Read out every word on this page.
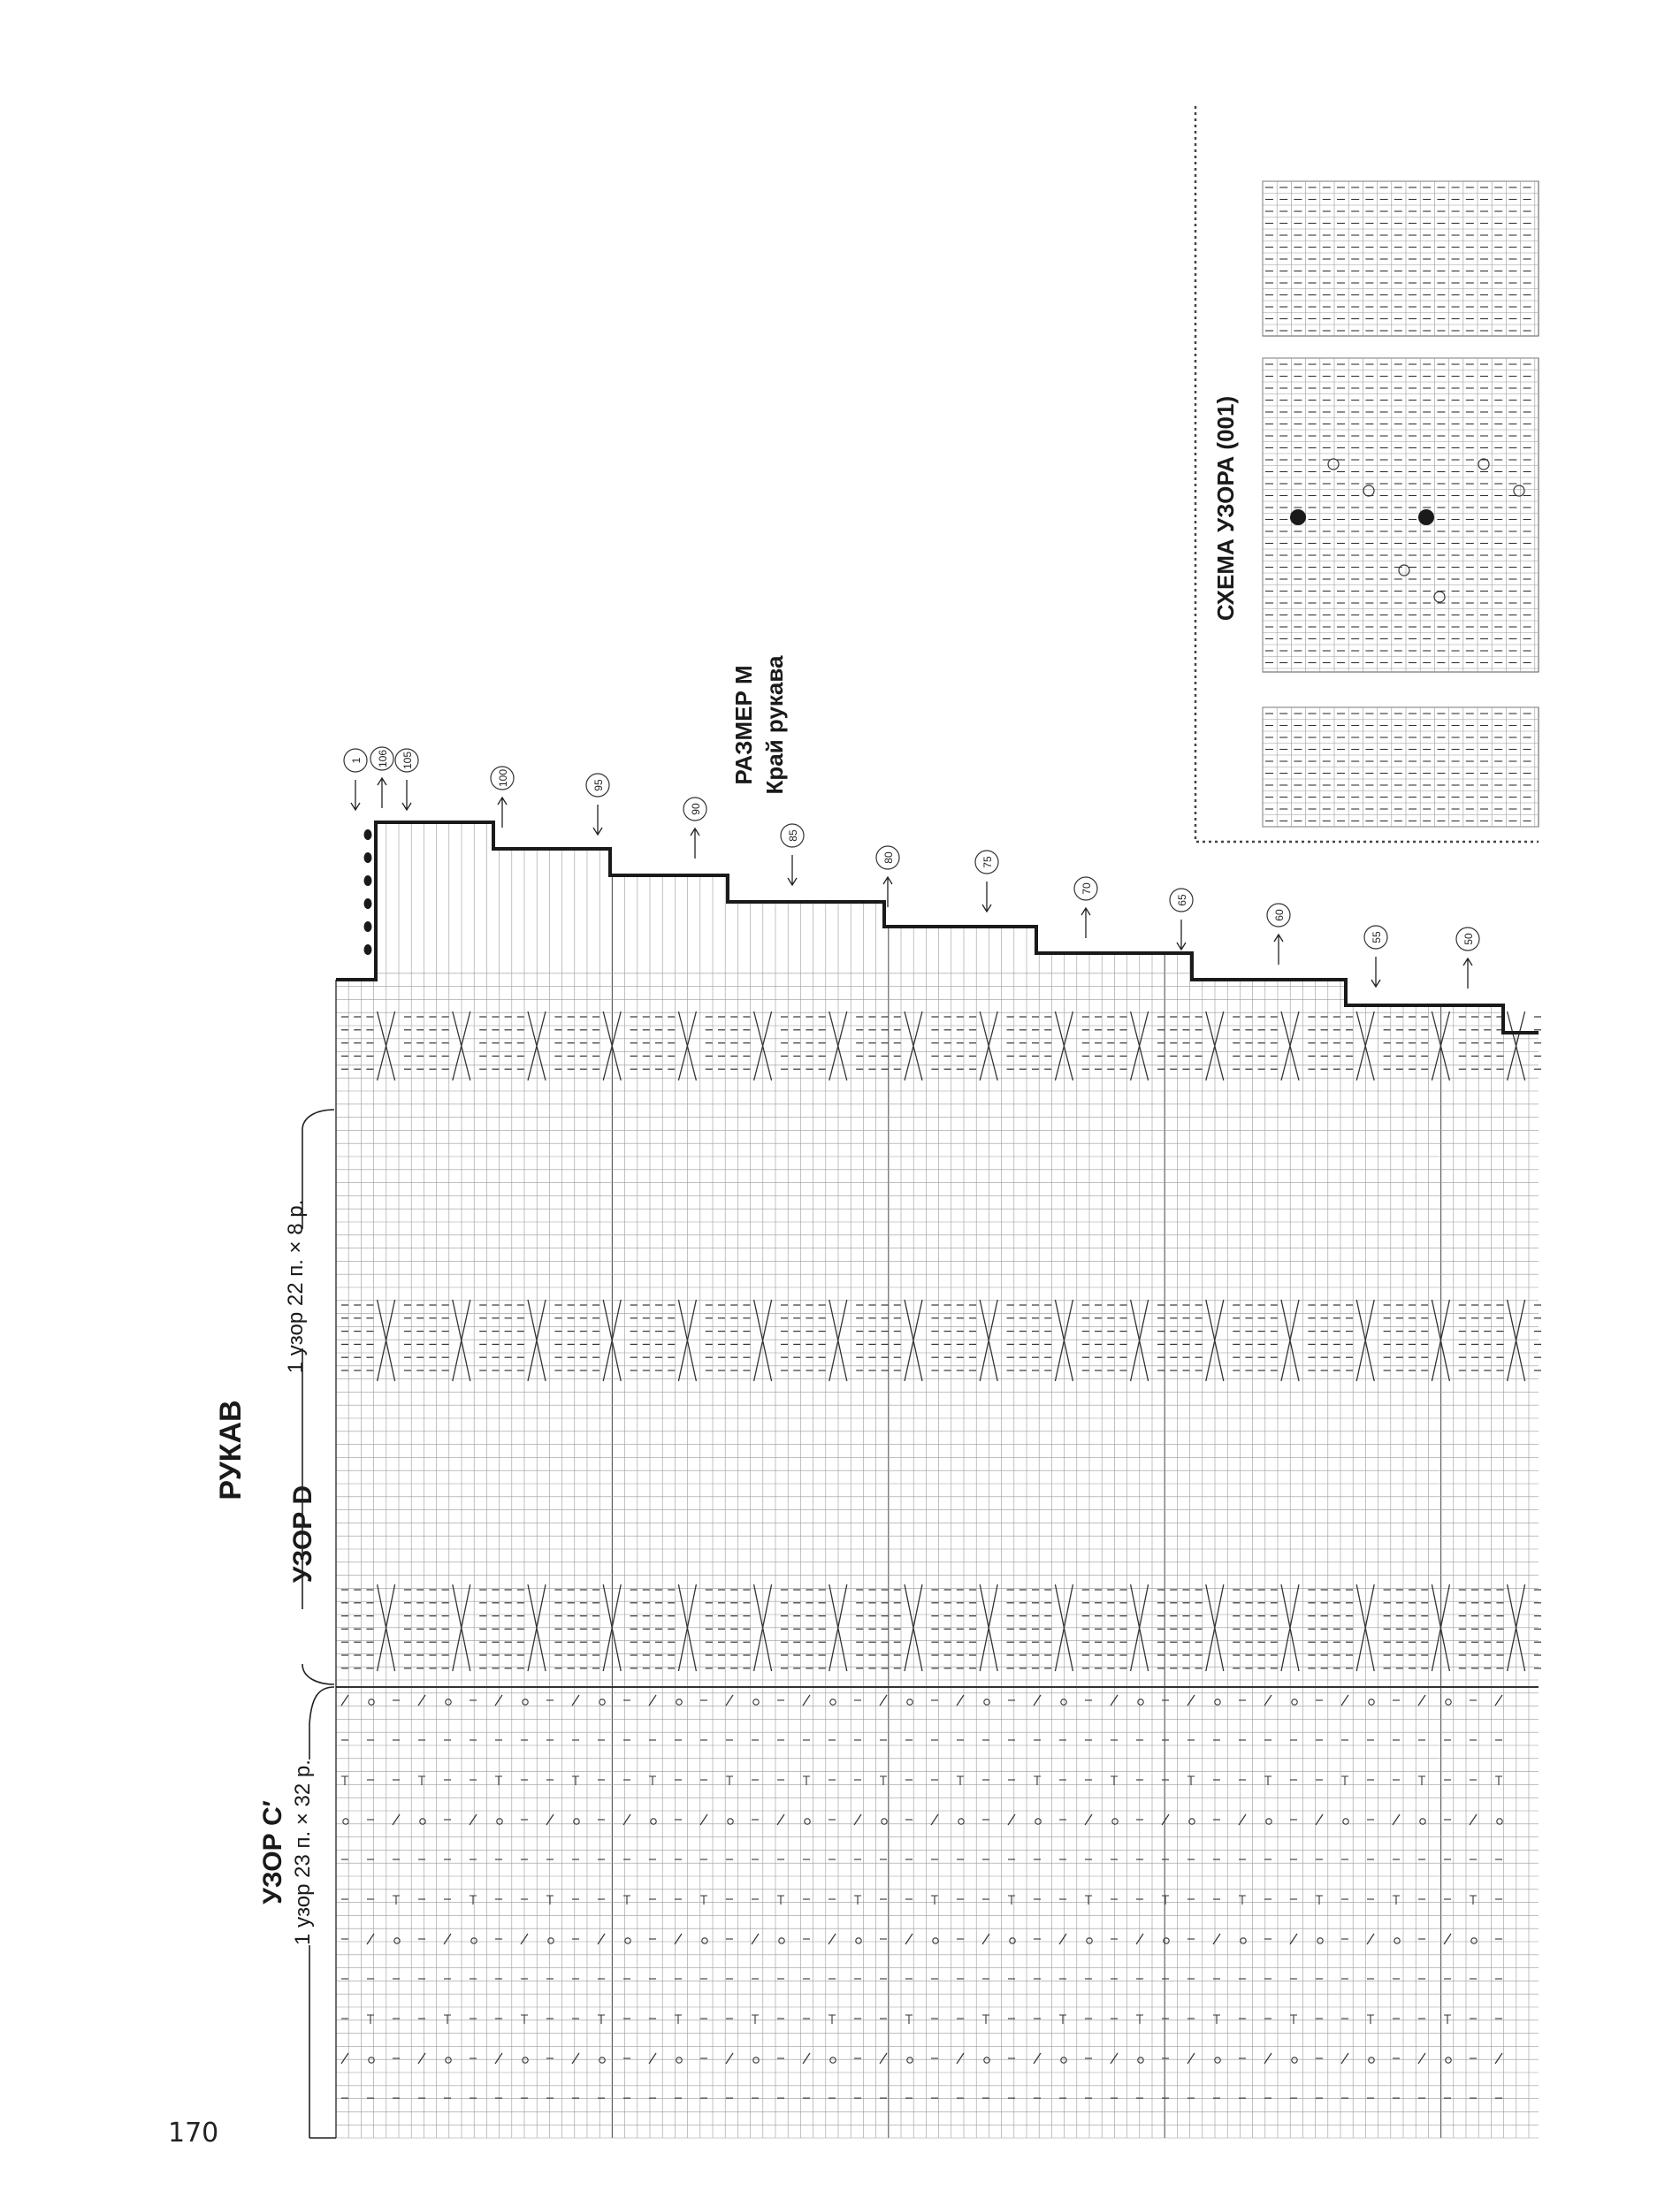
1 106 105
100	95
90
85
80	75
70
65
60
55	50
РУКАВ
УЗОР D
1 узор 22 п. × 8 р.
УЗОР С′ 1 узор 23 п. × 32 р.
РАЗМЕР М Край рукава
СХЕМА УЗОРА (001)
170
